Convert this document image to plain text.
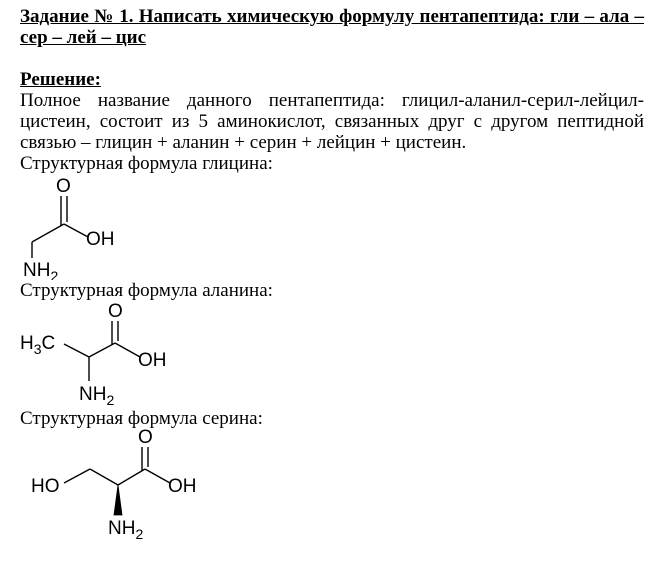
Задание № 1. Написать химическую формулу пентапептида: гли – ала – сер – лей – цис

Решение:

Полное название данного пентапептида: глицил-аланил-серил-лейцил-цистеин, состоит из 5 аминокислот, связанных друг с другом пептидной связью – глицин + аланин + серин + лейцин + цистеин.

Структурная формула глицина:

O
OH
$NH_2$

Структурная формула аланина:

O
$H_3C$
OH
$NH_2$

Структурная формула серина:

O
HO	OH
$NH_2$
